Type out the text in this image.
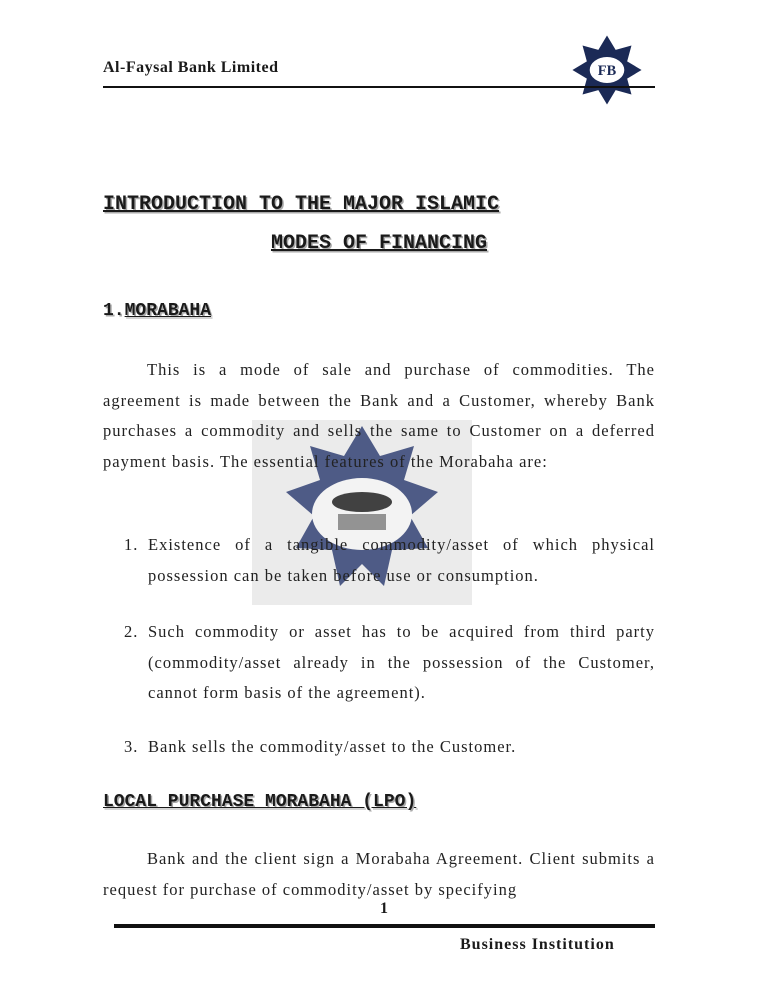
Al-Faysal Bank Limited	FB
INTRODUCTION TO THE MAJOR ISLAMIC
MODES OF FINANCING
1.MORABAHA
This is a mode of sale and purchase of commodities. The agreement is made between the Bank and a Customer, whereby Bank purchases a commodity and sells the same to Customer on a deferred payment basis. The essential features of the Morabaha are:
1. Existence of a tangible commodity/asset of which physical possession can be taken before use or consumption.
2. Such commodity or asset has to be acquired from third party (commodity/asset already in the possession of the Customer, cannot form basis of the agreement).
3. Bank sells the commodity/asset to the Customer.
LOCAL PURCHASE MORABAHA (LPO)
Bank and the client sign a Morabaha Agreement. Client submits a request for purchase of commodity/asset by specifying
1
Business Institution
